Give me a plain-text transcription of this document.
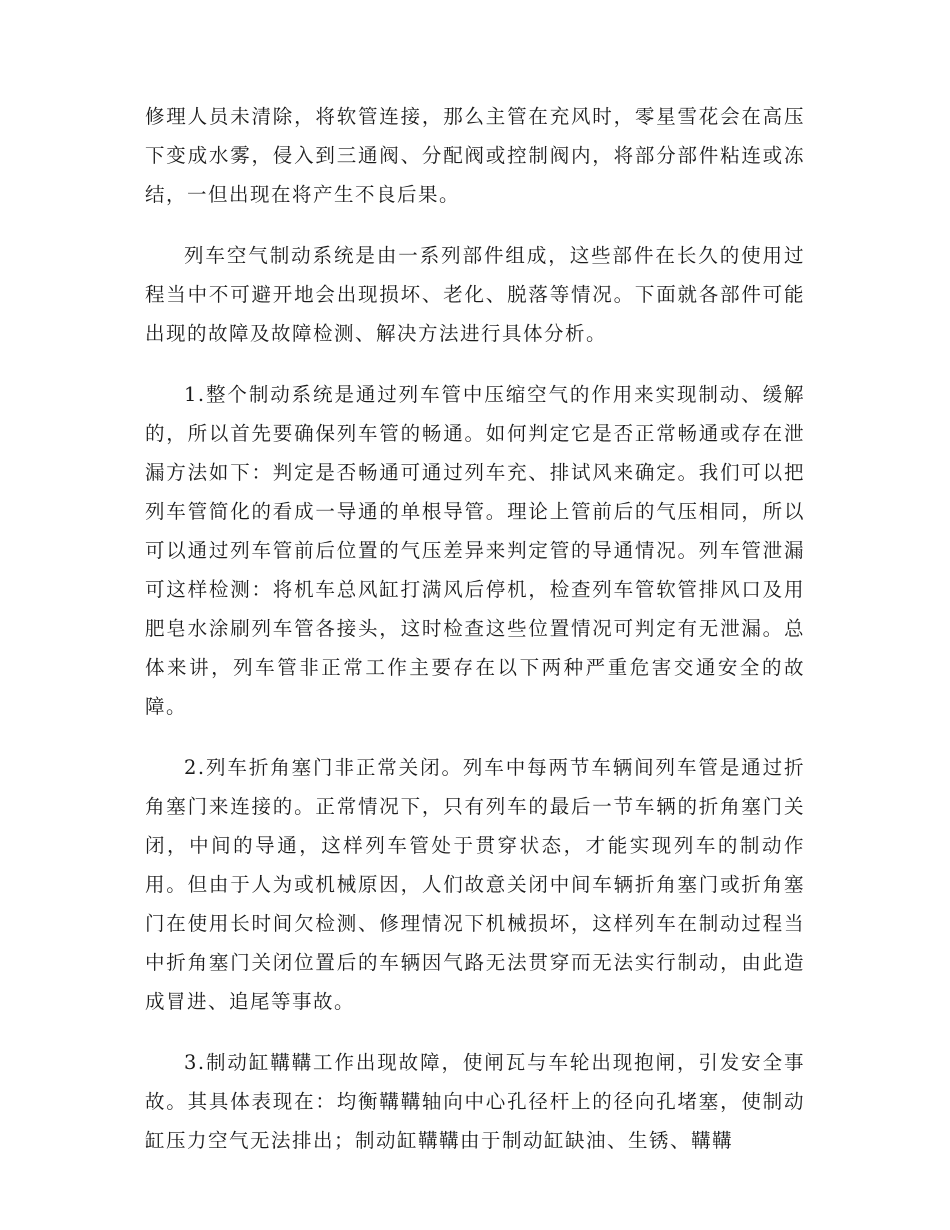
修理人员未清除，将软管连接，那么主管在充风时，零星雪花会在高压下变成水雾，侵入到三通阀、分配阀或控制阀内，将部分部件粘连或冻结，一但出现在将产生不良后果。

列车空气制动系统是由一系列部件组成，这些部件在长久的使用过程当中不可避开地会出现损坏、老化、脱落等情况。下面就各部件可能出现的故障及故障检测、解决方法进行具体分析。

1.整个制动系统是通过列车管中压缩空气的作用来实现制动、缓解的，所以首先要确保列车管的畅通。如何判定它是否正常畅通或存在泄漏方法如下：判定是否畅通可通过列车充、排试风来确定。我们可以把列车管简化的看成一导通的单根导管。理论上管前后的气压相同，所以可以通过列车管前后位置的气压差异来判定管的导通情况。列车管泄漏可这样检测：将机车总风缸打满风后停机，检查列车管软管排风口及用肥皂水涂刷列车管各接头，这时检查这些位置情况可判定有无泄漏。总体来讲，列车管非正常工作主要存在以下两种严重危害交通安全的故障。

2.列车折角塞门非正常关闭。列车中每两节车辆间列车管是通过折角塞门来连接的。正常情况下，只有列车的最后一节车辆的折角塞门关闭，中间的导通，这样列车管处于贯穿状态，才能实现列车的制动作用。但由于人为或机械原因，人们故意关闭中间车辆折角塞门或折角塞门在使用长时间欠检测、修理情况下机械损坏，这样列车在制动过程当中折角塞门关闭位置后的车辆因气路无法贯穿而无法实行制动，由此造成冒进、追尾等事故。

3.制动缸鞲鞲工作出现故障，使闸瓦与车轮出现抱闸，引发安全事故。其具体表现在：均衡鞲鞲轴向中心孔径杆上的径向孔堵塞，使制动缸压力空气无法排出；制动缸鞲鞲由于制动缸缺油、生锈、鞲鞲
